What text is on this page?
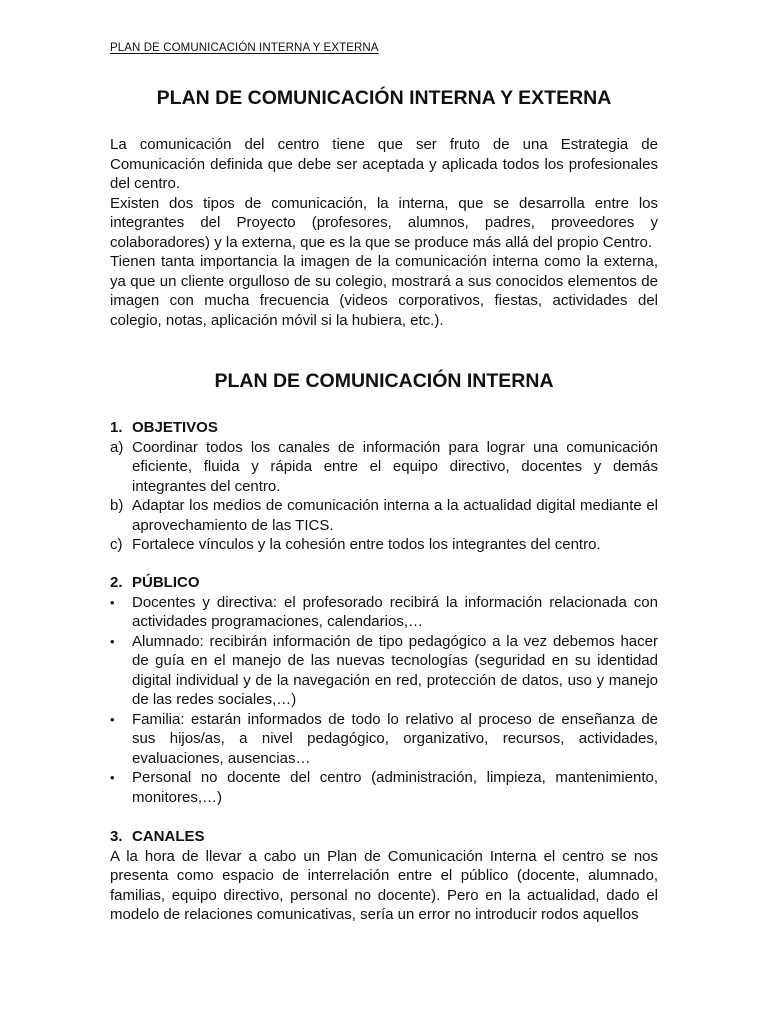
PLAN DE COMUNICACIÓN INTERNA Y EXTERNA
PLAN DE COMUNICACIÓN INTERNA Y EXTERNA

La comunicación del centro tiene que ser fruto de una Estrategia de Comunicación definida que debe ser aceptada y aplicada todos los profesionales del centro.

Existen dos tipos de comunicación, la interna, que se desarrolla entre los integrantes del Proyecto (profesores, alumnos, padres, proveedores y colaboradores) y la externa, que es la que se produce más allá del propio Centro.

Tienen tanta importancia la imagen de la comunicación interna como la externa, ya que un cliente orgulloso de su colegio, mostrará a sus conocidos elementos de imagen con mucha frecuencia (videos corporativos, fiestas, actividades del colegio, notas, aplicación móvil si la hubiera, etc.).

PLAN DE COMUNICACIÓN INTERNA
1. OBJETIVOS
a) Coordinar todos los canales de información para lograr una comunicación eficiente, fluida y rápida entre el equipo directivo, docentes y demás integrantes del centro.
b) Adaptar los medios de comunicación interna a la actualidad digital mediante el aprovechamiento de las TICS.
c) Fortalece vínculos y la cohesión entre todos los integrantes del centro.
2. PÚBLICO
• Docentes y directiva: el profesorado recibirá la información relacionada con actividades programaciones, calendarios,…
• Alumnado: recibirán información de tipo pedagógico a la vez debemos hacer de guía en el manejo de las nuevas tecnologías (seguridad en su identidad digital individual y de la navegación en red, protección de datos, uso y manejo de las redes sociales,…)
• Familia: estarán informados de todo lo relativo al proceso de enseñanza de sus hijos/as, a nivel pedagógico, organizativo, recursos, actividades, evaluaciones, ausencias…
• Personal no docente del centro (administración, limpieza, mantenimiento, monitores,…)
3. CANALES

A la hora de llevar a cabo un Plan de Comunicación Interna el centro se nos presenta como espacio de interrelación entre el público (docente, alumnado, familias, equipo directivo, personal no docente). Pero en la actualidad, dado el modelo de relaciones comunicativas, sería un error no introducir rodos aquellos
